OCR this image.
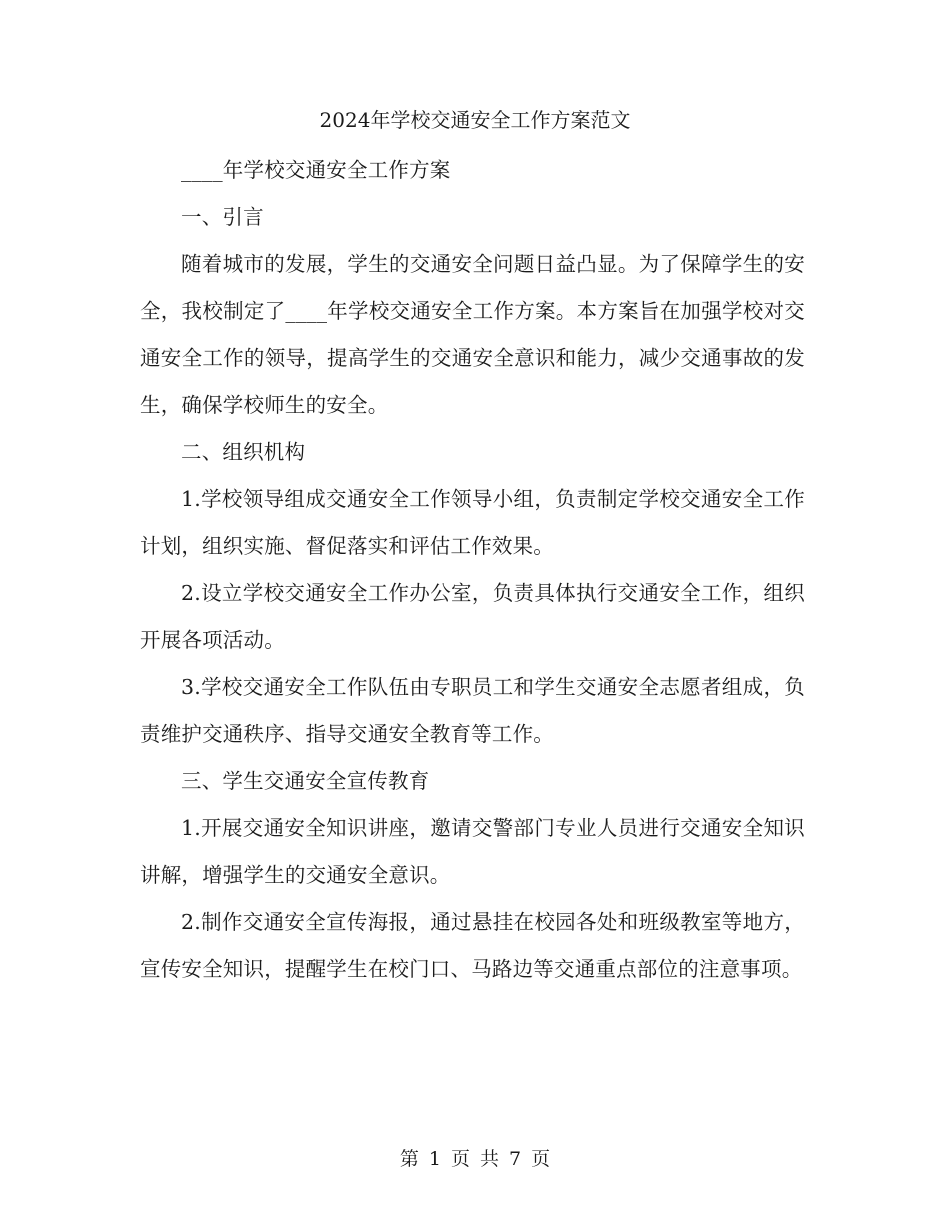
2024年学校交通安全工作方案范文

____年学校交通安全工作方案

一、引言

随着城市的发展，学生的交通安全问题日益凸显。为了保障学生的安全，我校制定了____年学校交通安全工作方案。本方案旨在加强学校对交通安全工作的领导，提高学生的交通安全意识和能力，减少交通事故的发生，确保学校师生的安全。

二、组织机构

1.学校领导组成交通安全工作领导小组，负责制定学校交通安全工作计划，组织实施、督促落实和评估工作效果。

2.设立学校交通安全工作办公室，负责具体执行交通安全工作，组织开展各项活动。

3.学校交通安全工作队伍由专职员工和学生交通安全志愿者组成，负责维护交通秩序、指导交通安全教育等工作。

三、学生交通安全宣传教育

1.开展交通安全知识讲座，邀请交警部门专业人员进行交通安全知识讲解，增强学生的交通安全意识。

2.制作交通安全宣传海报，通过悬挂在校园各处和班级教室等地方，宣传安全知识，提醒学生在校门口、马路边等交通重点部位的注意事项。

第 1 页 共 7 页
